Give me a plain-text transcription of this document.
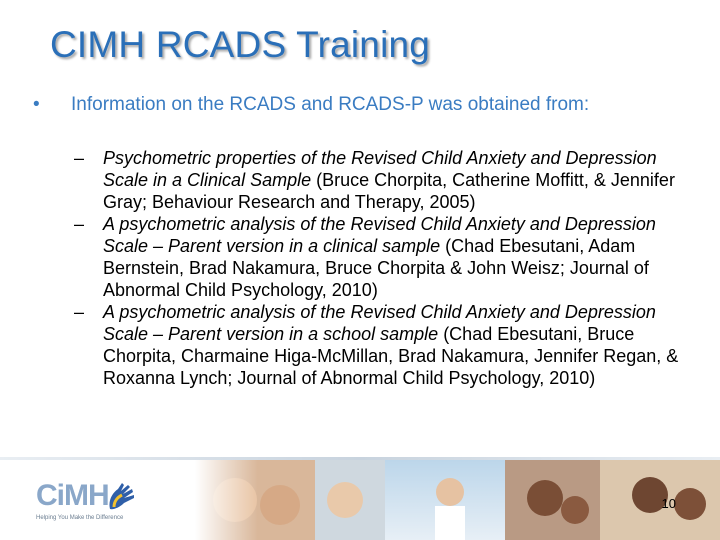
CIMH RCADS Training
•	Information on the RCADS and RCADS-P was obtained from:
– Psychometric properties of the Revised Child Anxiety and Depression Scale in a Clinical Sample (Bruce Chorpita, Catherine Moffitt, & Jennifer Gray; Behaviour Research and Therapy, 2005)
– A psychometric analysis of the Revised Child Anxiety and Depression Scale – Parent version in a clinical sample (Chad Ebesutani, Adam Bernstein, Brad Nakamura, Bruce Chorpita & John Weisz; Journal of Abnormal Child Psychology, 2010)
– A psychometric analysis of the Revised Child Anxiety and Depression Scale – Parent version in a school sample (Chad Ebesutani, Bruce Chorpita, Charmaine Higa-McMillan, Brad Nakamura, Jennifer Regan, & Roxanna Lynch; Journal of Abnormal Child Psychology, 2010)
CiMH
Helping You Make the Difference
10
